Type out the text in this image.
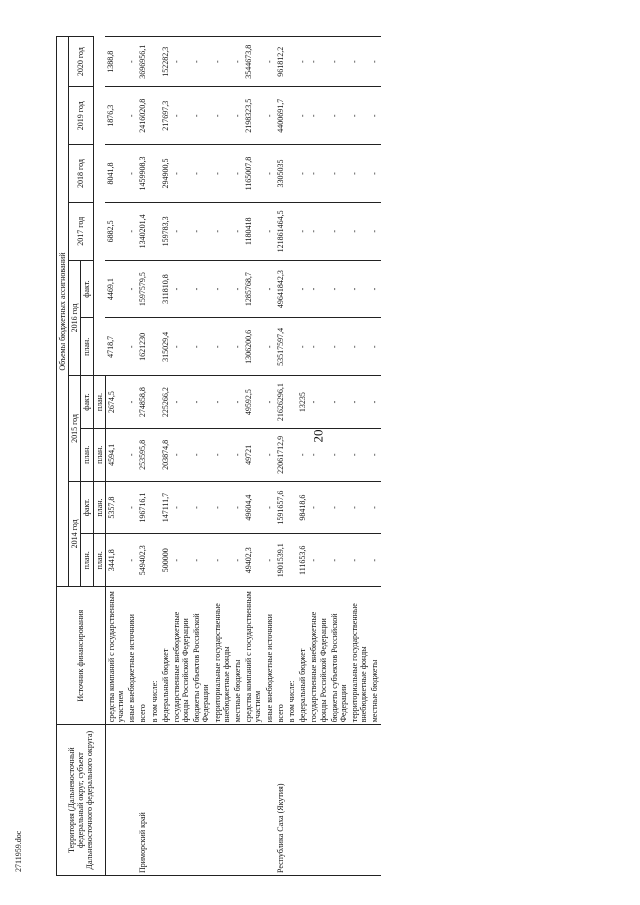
20
2711959.doc	Территория (Дальневосточный федеральный округ, субъект Дальневосточного федерального округа)	Источник финансирования	Объемы бюджетных ассигнований									
		2014 год		2015 год		2016 год		2017 год	2018 год	2019 год	2020 год
		план.	факт.	план.	факт.	план.	факт.				
		план.	план.	план.	план.						
	средства компаний с государственным участием	3441,8	5357,8	4594,1	2674,5	4718,7	4469,1	6882,5	8041,8	1876,3	1388,8
	иные внебюджетные источники	-	-	-	-	-	-	-	-	-	-
Приморский край	всего	549402,3	196716,1	253595,8	274858,8	1621230	1597579,5	1340201,4	1459908,3	2416020,8	3696956,1
	в том числе:										
	федеральный бюджет	500000	147111,7	203874,8	225266,2	315029,4	311810,8	159783,3	294900,5	217697,3	152282,3
	государственные внебюджетные фонды Российской Федерации	-	-	-	-	-	-	-	-	-	-
	бюджеты субъектов Российской Федерации	-	-	-	-	-	-	-	-	-	-
	территориальные государственные внебюджетные фонды	-	-	-	-	-	-	-	-	-	-
	местные бюджеты	-	-	-	-	-	-	-	-	-	-
	средства компаний с государственным участием	49402,3	49604,4	49721	49592,5	1306200,6	1285768,7	1180418	1165007,8	2198323,5	3544673,8
	иные внебюджетные источники	-	-	-	-	-	-	-	-	-	-
Республика Саха (Якутия)	всего	1901539,1	1591657,6	22061712,9	21626296,1	53517597,4	49641842,3	121861464,5	3305035	4400691,7	961812,2
	в том числе:										
	федеральный бюджет	111653,6	98418,6	-	13235	-	-	-	-	-	-
	государственные внебюджетные фонды Российской Федерации	-	-	-	-	-	-	-	-	-	-
	бюджеты субъектов Российской Федерации	-	-	-	-	-	-	-	-	-	-
	территориальные государственные внебюджетные фонды	-	-	-	-	-	-	-	-	-	-
	местные бюджеты	-	-	-	-	-	-	-	-	-	-
